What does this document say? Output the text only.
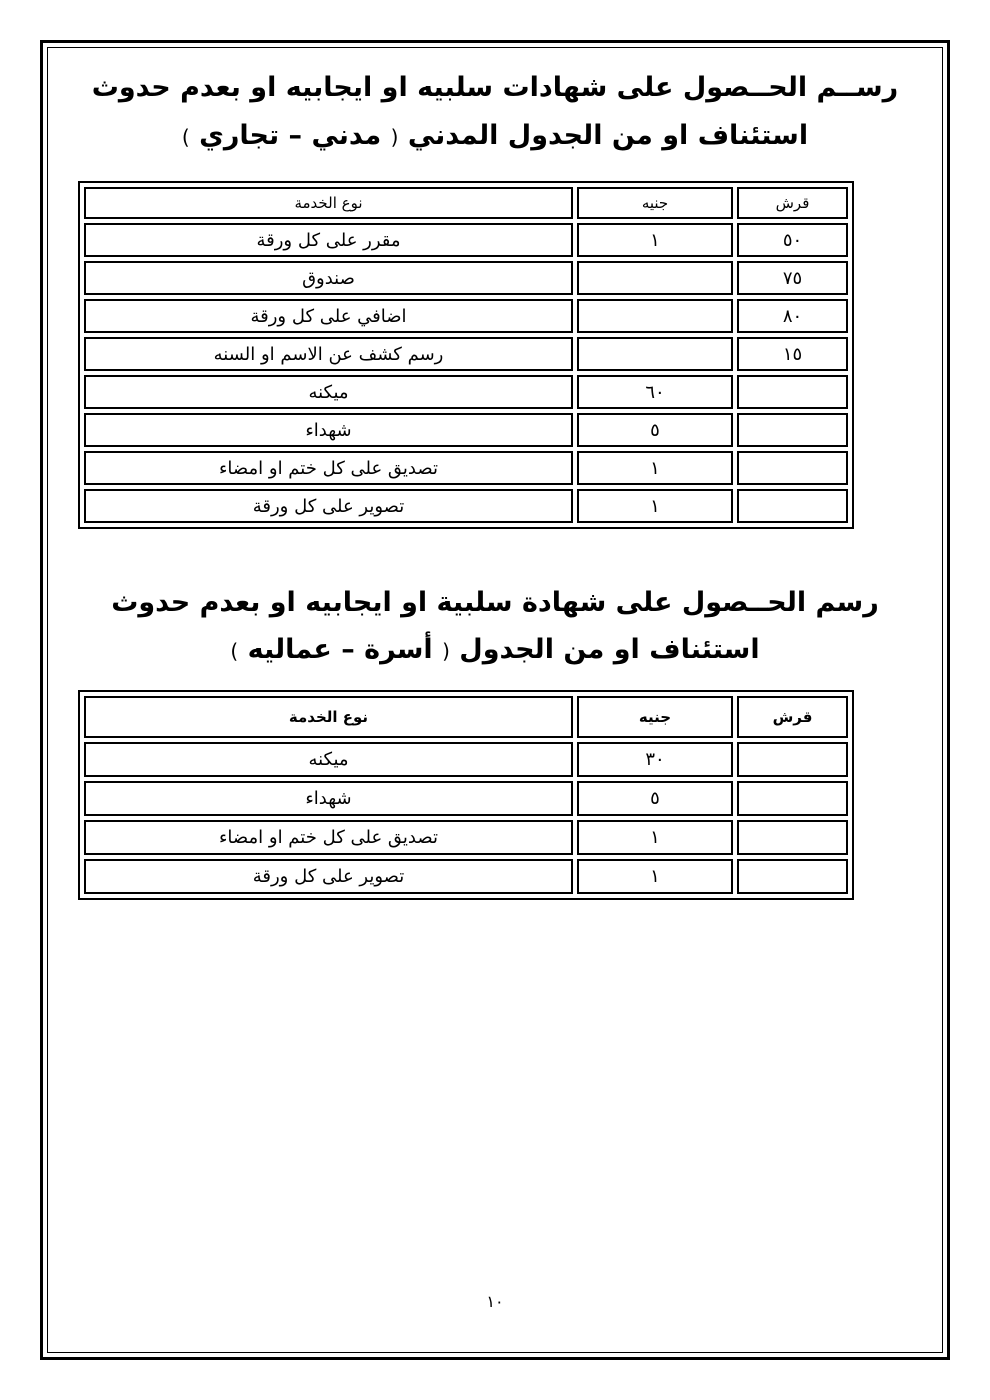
رســم الحــصول على شهادات سلبيه او ايجابيه او بعدم حدوث
استئناف او من الجدول المدني ( مدني – تجاري )
قرش	جنيه	نوع الخدمة
٥٠	١	مقرر على كل ورقة
٧٥		صندوق
٨٠		اضافي على كل ورقة
١٥		رسم كشف عن الاسم او السنه
	٦٠	ميكنه
	٥	شهداء
	١	تصديق على كل ختم او امضاء
	١	تصوير على كل ورقة
رسم الحــصول على شهادة سلبية او ايجابيه او بعدم حدوث
استئناف او من الجدول ( أسرة – عماليه )
قرش	جنيه	نوع الخدمة
	٣٠	ميكنه
	٥	شهداء
	١	تصديق على كل ختم او امضاء
	١	تصوير على كل ورقة
١٠
